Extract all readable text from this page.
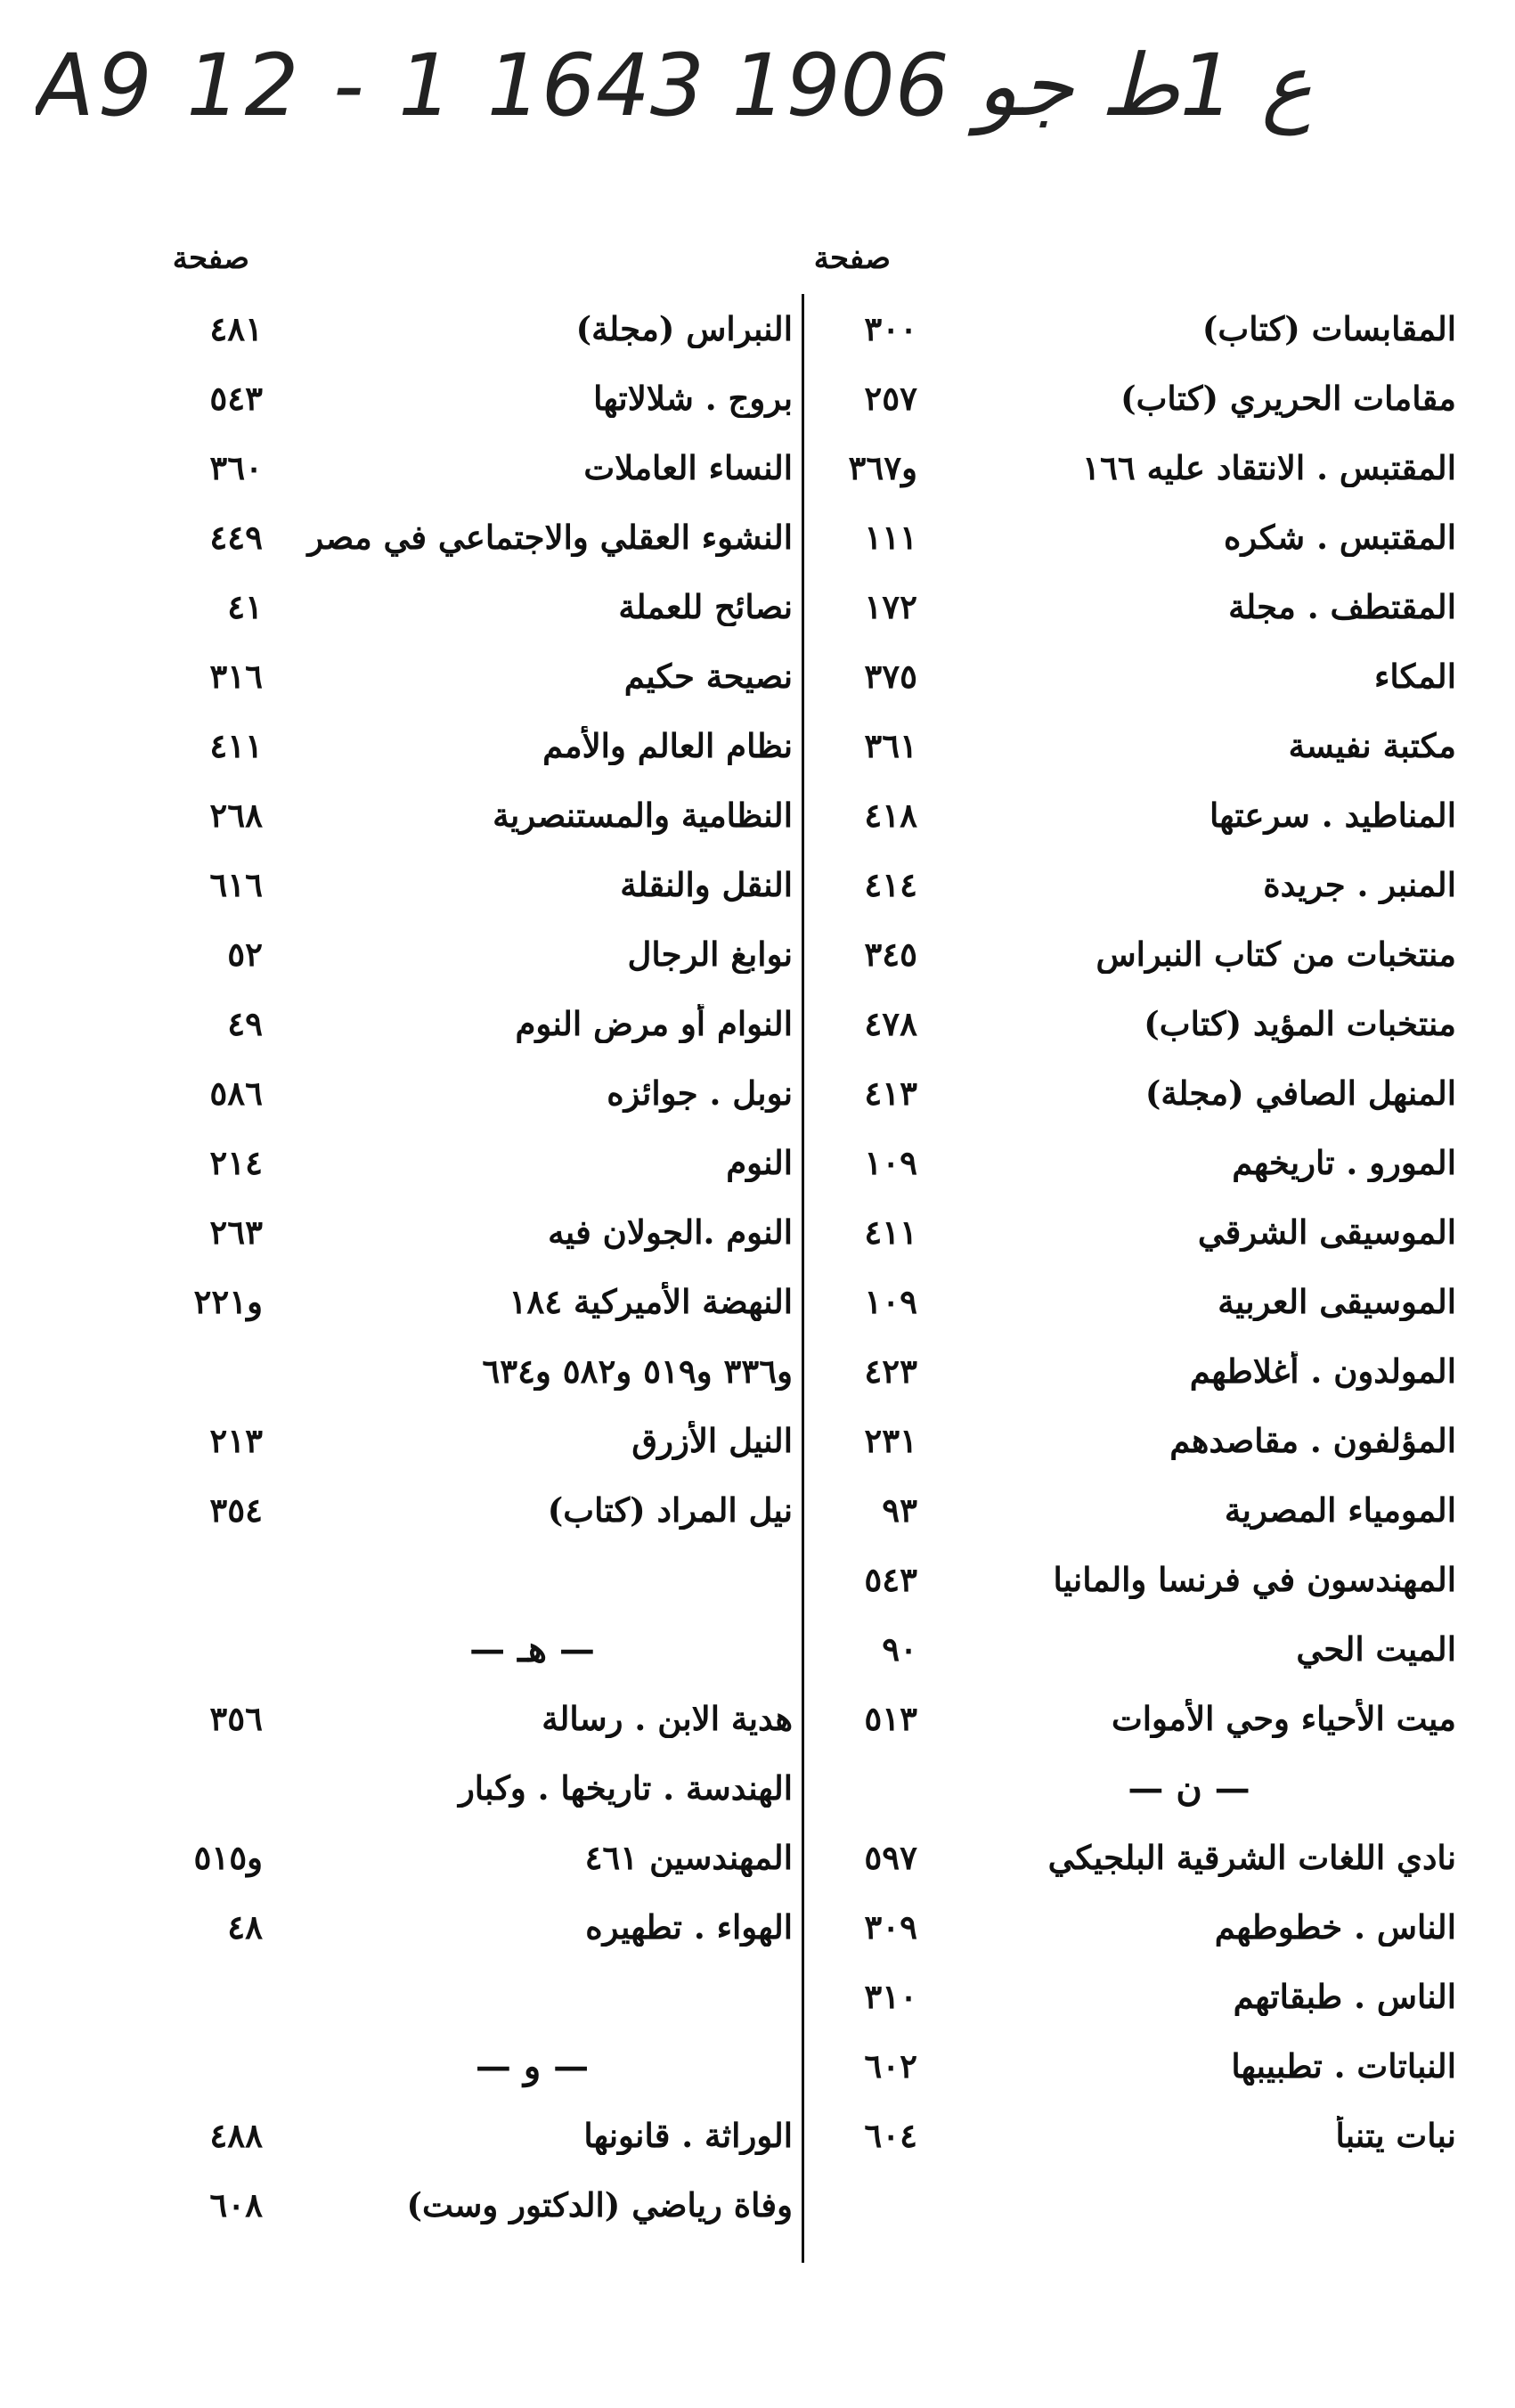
A9 12 - 1 ع 1ط جو 1906 1643
صفحة
المقابسات (كتاب)
٣٠٠
مقامات الحريري (كتاب)
٢٥٧
المقتبس . الانتقاد عليه ١٦٦
و٣٦٧
المقتبس . شكره
١١١
المقتطف . مجلة
١٧٢
المكاء
٣٧٥
مكتبة نفيسة
٣٦١
المناطيد . سرعتها
٤١٨
المنبر . جريدة
٤١٤
منتخبات من كتاب النبراس
٣٤٥
منتخبات المؤيد (كتاب)
٤٧٨
المنهل الصافي (مجلة)
٤١٣
المورو . تاريخهم
١٠٩
الموسيقى الشرقي
٤١١
الموسيقى العربية
١٠٩
المولدون . أغلاطهم
٤٢٣
المؤلفون . مقاصدهم
٢٣١
المومياء المصرية
٩٣
المهندسون في فرنسا والمانيا
٥٤٣
الميت الحي
٩٠
ميت الأحياء وحي الأموات
٥١٣
— ن —
نادي اللغات الشرقية البلجيكي
٥٩٧
الناس . خطوطهم
٣٠٩
الناس . طبقاتهم
٣١٠
النباتات . تطبيبها
٦٠٢
نبات يتنبأ
٦٠٤
صفحة
النبراس (مجلة)
٤٨١
بروج . شلالاتها
٥٤٣
النساء العاملات
٣٦٠
النشوء العقلي والاجتماعي في مصر
٤٤٩
نصائح للعملة
٤١
نصيحة حكيم
٣١٦
نظام العالم والأمم
٤١١
النظامية والمستنصرية
٢٦٨
النقل والنقلة
٦١٦
نوابغ الرجال
٥٢
النوام أو مرض النوم
٤٩
نوبل . جوائزه
٥٨٦
النوم
٢١٤
النوم .الجولان فيه
٢٦٣
النهضة الأميركية ١٨٤
و٢٢١
و٣٣٦ و٥١٩ و٥٨٢ و٦٣٤
النيل الأزرق
٢١٣
نيل المراد (كتاب)
٣٥٤
— هـ —
هدية الابن . رسالة
٣٥٦
الهندسة . تاريخها . وكبار
المهندسين ٤٦١
و٥١٥
الهواء . تطهيره
٤٨
— و —
الوراثة . قانونها
٤٨٨
وفاة رياضي (الدكتور وست)
٦٠٨
